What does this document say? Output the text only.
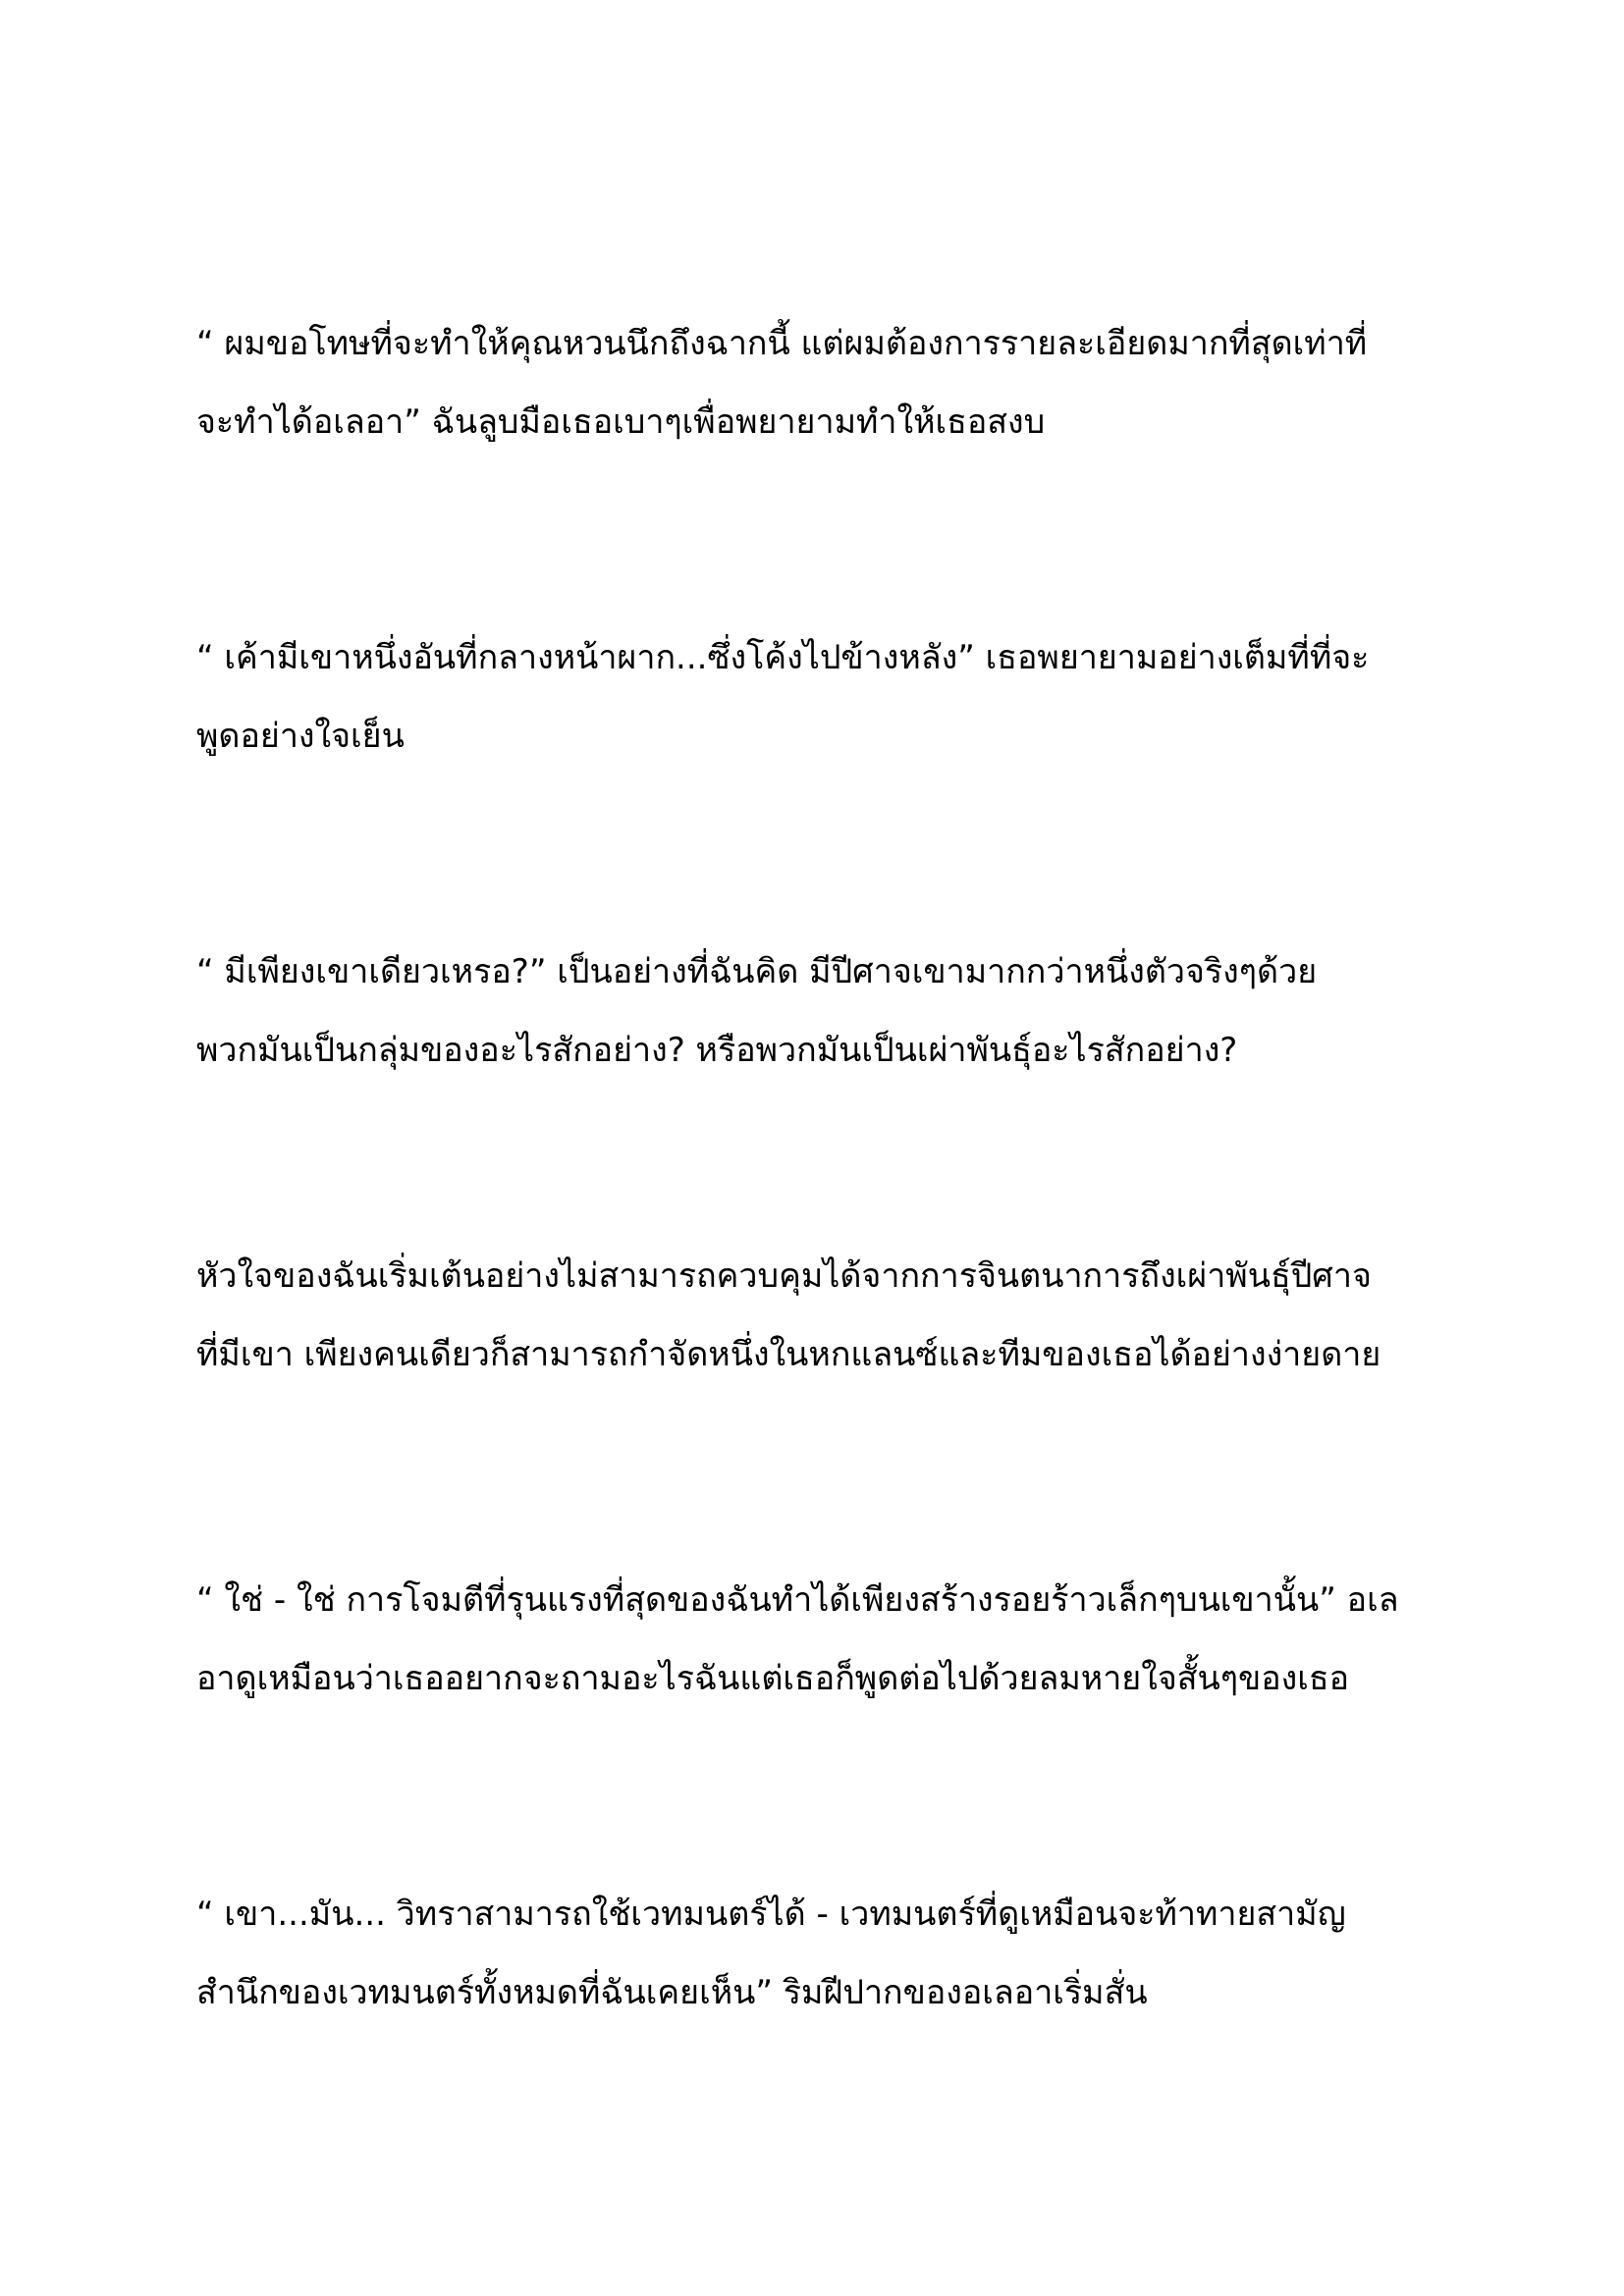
“ ผมขอโทษที่จะทำให้คุณหวนนึกถึงฉากนี้ แต่ผมต้องการรายละเอียดมากที่สุดเท่าที่
จะทำได้อเลอา” ฉันลูบมือเธอเบาๆเพื่อพยายามทำให้เธอสงบ

“ เค้ามีเขาหนึ่งอันที่กลางหน้าผาก...ซึ่งโค้งไปข้างหลัง” เธอพยายามอย่างเต็มที่ที่จะ
พูดอย่างใจเย็น

“ มีเพียงเขาเดียวเหรอ?” เป็นอย่างที่ฉันคิด มีปีศาจเขามากกว่าหนึ่งตัวจริงๆด้วย
พวกมันเป็นกลุ่มของอะไรสักอย่าง? หรือพวกมันเป็นเผ่าพันธุ์อะไรสักอย่าง?

หัวใจของฉันเริ่มเต้นอย่างไม่สามารถควบคุมได้จากการจินตนาการถึงเผ่าพันธุ์ปีศาจ
ที่มีเขา เพียงคนเดียวก็สามารถกำจัดหนึ่งในหกแลนซ์และทีมของเธอได้อย่างง่ายดาย

“ ใช่ - ใช่ การโจมตีที่รุนแรงที่สุดของฉันทำได้เพียงสร้างรอยร้าวเล็กๆบนเขานั้น” อเล
อาดูเหมือนว่าเธออยากจะถามอะไรฉันแต่เธอก็พูดต่อไปด้วยลมหายใจสั้นๆของเธอ

“ เขา...มัน... วิทราสามารถใช้เวทมนตร์ได้ - เวทมนตร์ที่ดูเหมือนจะท้าทายสามัญ
สำนึกของเวทมนตร์ทั้งหมดที่ฉันเคยเห็น” ริมฝีปากของอเลอาเริ่มสั่น
